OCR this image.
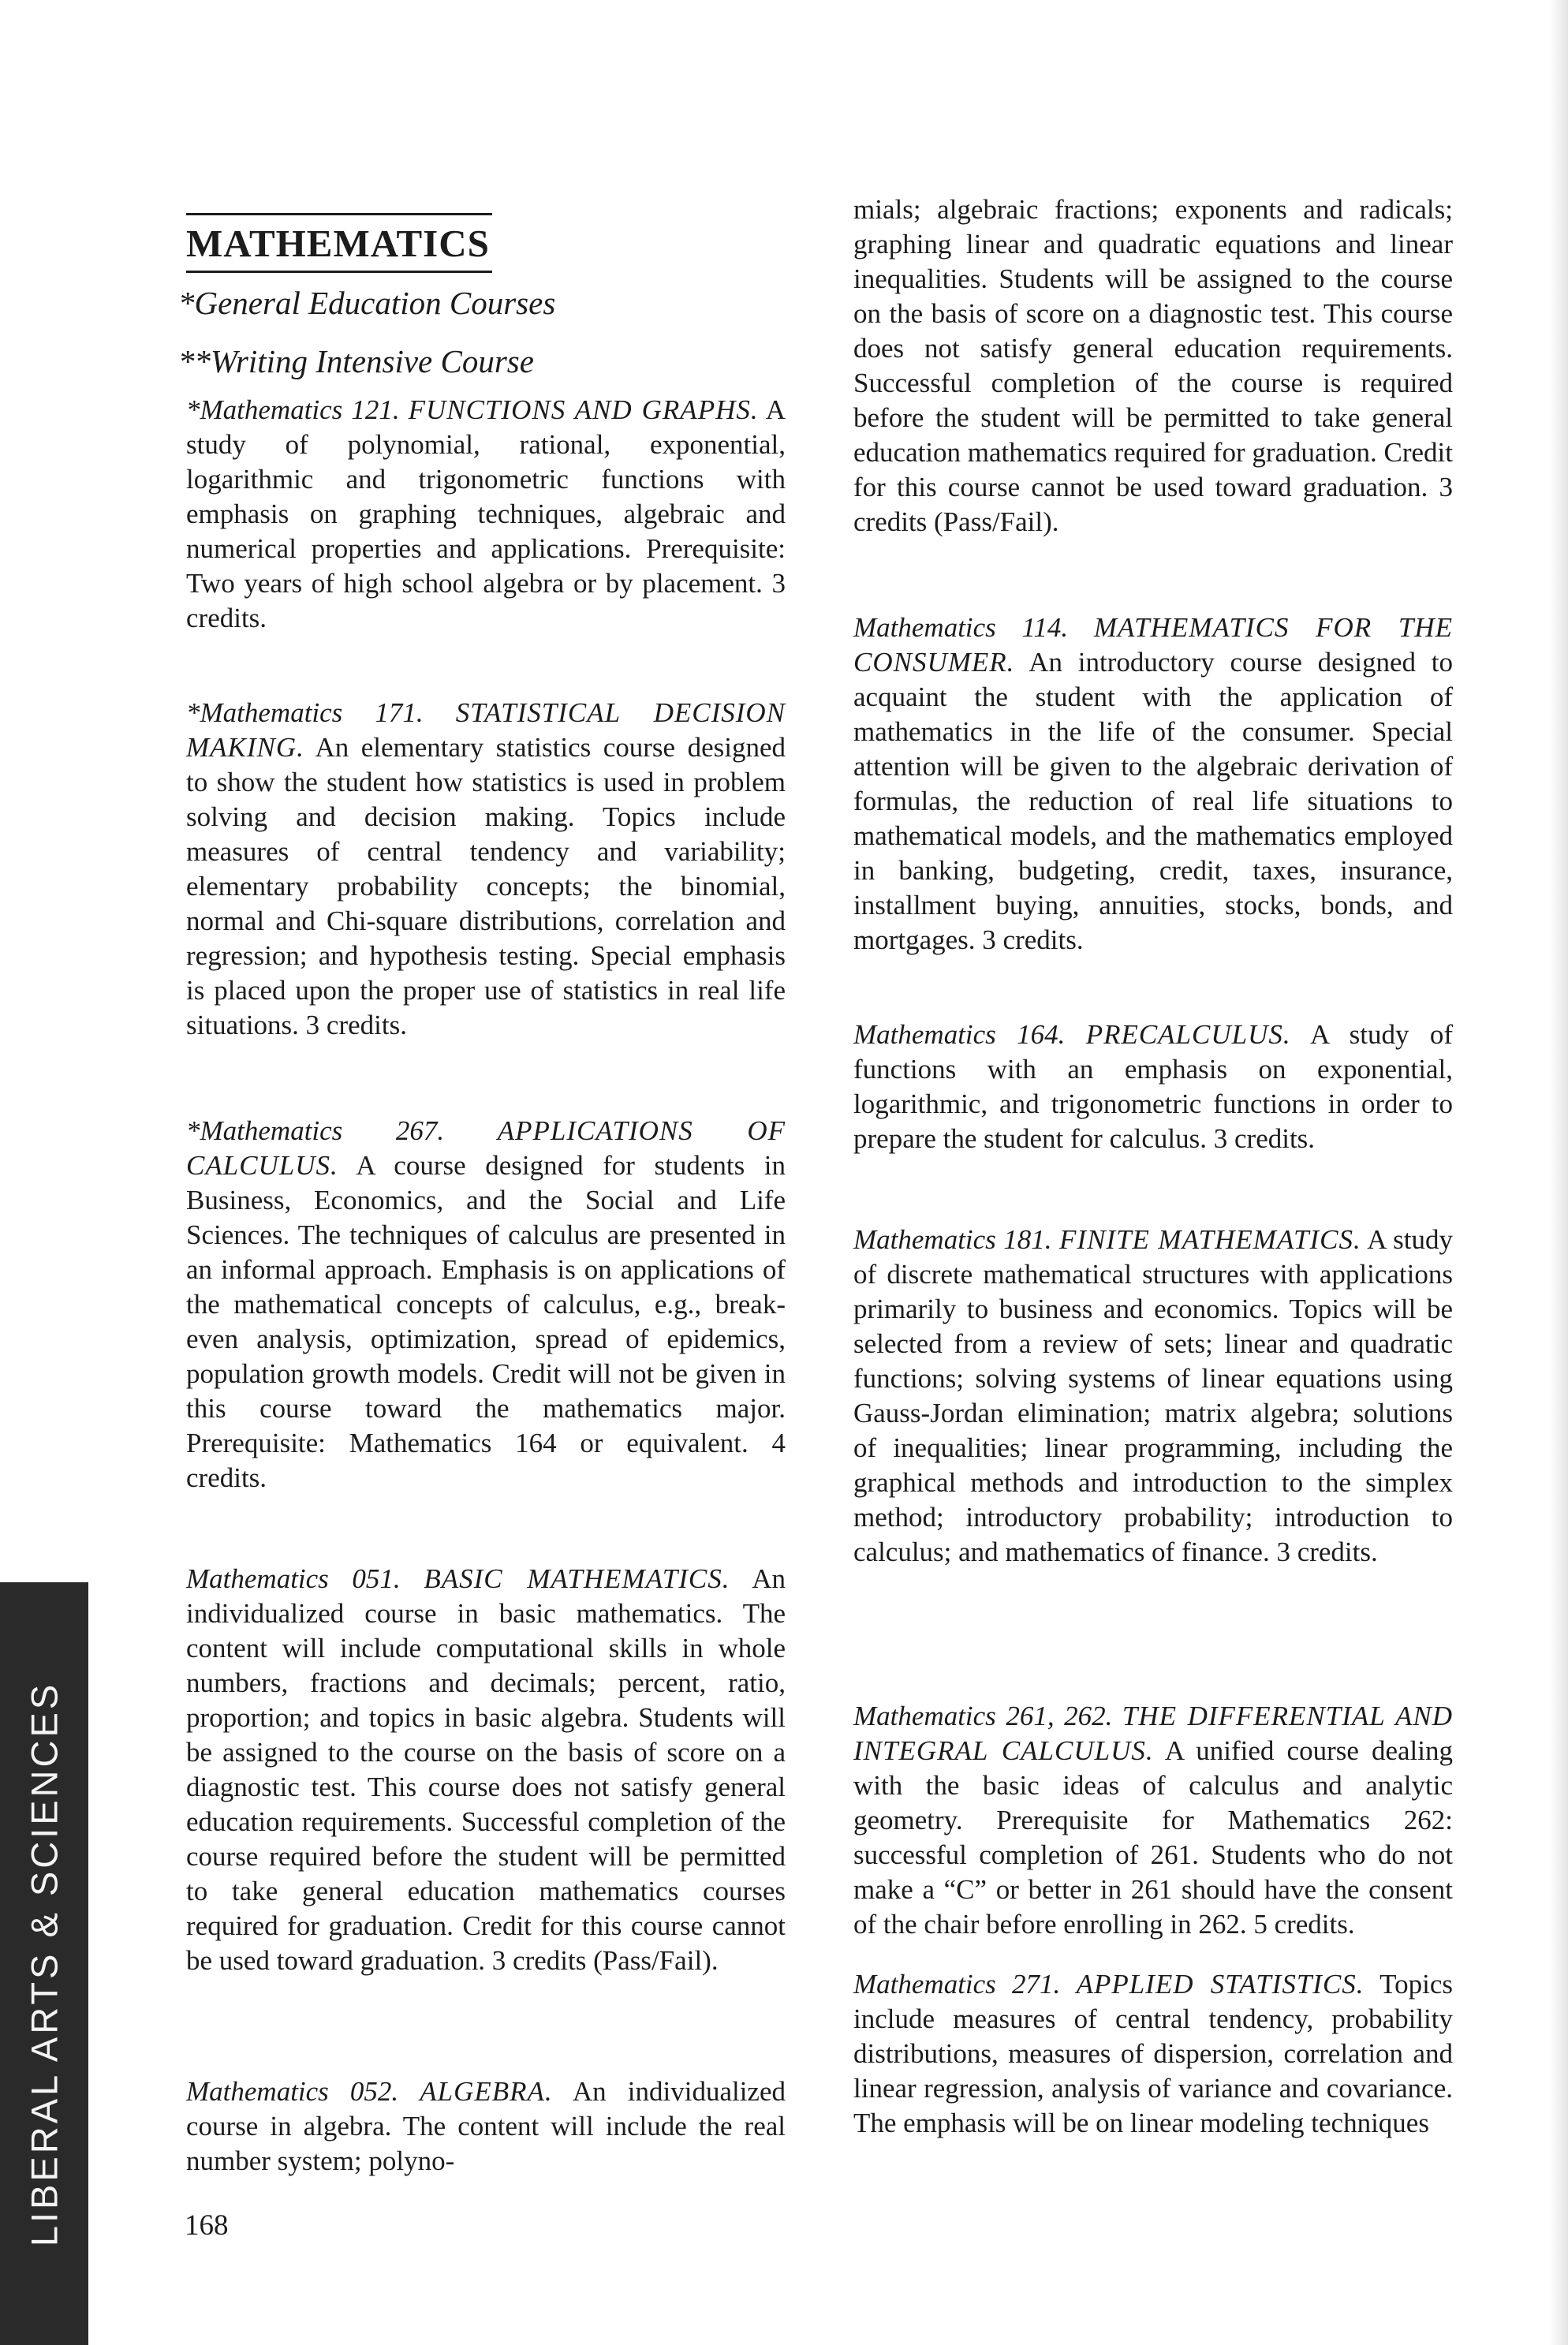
MATHEMATICS
*General Education Courses
**Writing Intensive Course
*Mathematics 121. FUNCTIONS AND GRAPHS. A study of polynomial, rational, exponential, logarithmic and trigonometric functions with emphasis on graphing techniques, algebraic and numerical properties and applications. Prerequisite: Two years of high school algebra or by placement. 3 credits.
*Mathematics 171. STATISTICAL DECISION MAKING. An elementary statistics course designed to show the student how statistics is used in problem solving and decision making. Topics include measures of central tendency and variability; elementary probability concepts; the binomial, normal and Chi-square distributions, correlation and regression; and hypothesis testing. Special emphasis is placed upon the proper use of statistics in real life situations. 3 credits.
*Mathematics 267. APPLICATIONS OF CALCULUS. A course designed for students in Business, Economics, and the Social and Life Sciences. The techniques of calculus are presented in an informal approach. Emphasis is on applications of the mathematical concepts of calculus, e.g., break-even analysis, optimization, spread of epidemics, population growth models. Credit will not be given in this course toward the mathematics major. Prerequisite: Mathematics 164 or equivalent. 4 credits.
Mathematics 051. BASIC MATHEMATICS. An individualized course in basic mathematics. The content will include computational skills in whole numbers, fractions and decimals; percent, ratio, proportion; and topics in basic algebra. Students will be assigned to the course on the basis of score on a diagnostic test. This course does not satisfy general education requirements. Successful completion of the course required before the student will be permitted to take general education mathematics courses required for graduation. Credit for this course cannot be used toward graduation. 3 credits (Pass/Fail).
Mathematics 052. ALGEBRA. An individualized course in algebra. The content will include the real number system; polyno-
mials; algebraic fractions; exponents and radicals; graphing linear and quadratic equations and linear inequalities. Students will be assigned to the course on the basis of score on a diagnostic test. This course does not satisfy general education requirements. Successful completion of the course is required before the student will be permitted to take general education mathematics required for graduation. Credit for this course cannot be used toward graduation. 3 credits (Pass/Fail).
Mathematics 114. MATHEMATICS FOR THE CONSUMER. An introductory course designed to acquaint the student with the application of mathematics in the life of the consumer. Special attention will be given to the algebraic derivation of formulas, the reduction of real life situations to mathematical models, and the mathematics employed in banking, budgeting, credit, taxes, insurance, installment buying, annuities, stocks, bonds, and mortgages. 3 credits.
Mathematics 164. PRECALCULUS. A study of functions with an emphasis on exponential, logarithmic, and trigonometric functions in order to prepare the student for calculus. 3 credits.
Mathematics 181. FINITE MATHEMATICS. A study of discrete mathematical structures with applications primarily to business and economics. Topics will be selected from a review of sets; linear and quadratic functions; solving systems of linear equations using Gauss-Jordan elimination; matrix algebra; solutions of inequalities; linear programming, including the graphical methods and introduction to the simplex method; introductory probability; introduction to calculus; and mathematics of finance. 3 credits.
Mathematics 261, 262. THE DIFFERENTIAL AND INTEGRAL CALCULUS. A unified course dealing with the basic ideas of calculus and analytic geometry. Prerequisite for Mathematics 262: successful completion of 261. Students who do not make a “C” or better in 261 should have the consent of the chair before enrolling in 262. 5 credits.
Mathematics 271. APPLIED STATISTICS. Topics include measures of central tendency, probability distributions, measures of dispersion, correlation and linear regression, analysis of variance and covariance. The emphasis will be on linear modeling techniques
168
LIBERAL ARTS & SCIENCES
